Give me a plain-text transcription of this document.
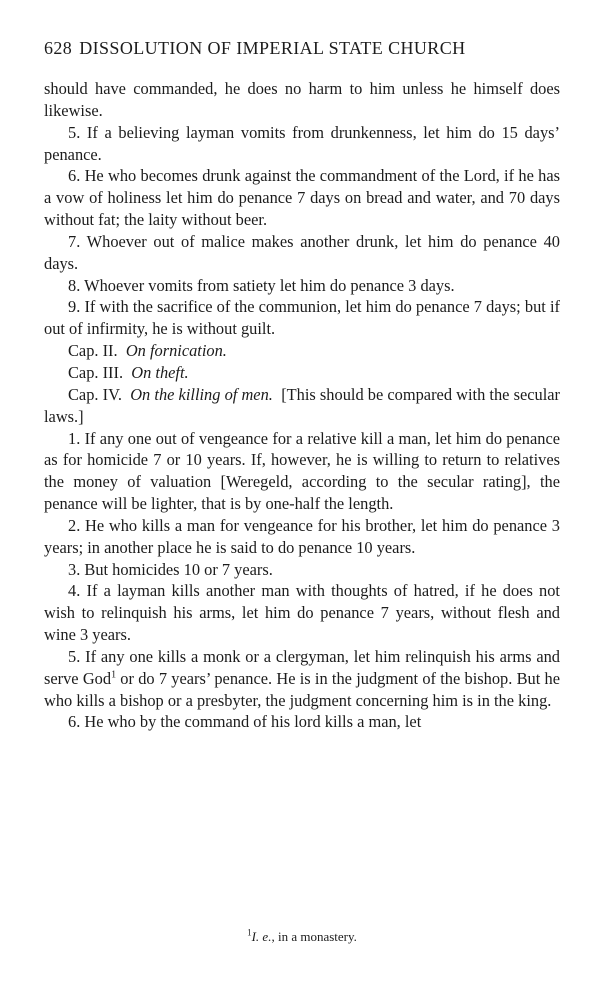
628 DISSOLUTION OF IMPERIAL STATE CHURCH

should have commanded, he does no harm to him unless he himself does likewise.

5. If a believing layman vomits from drunkenness, let him do 15 days’ penance.

6. He who becomes drunk against the commandment of the Lord, if he has a vow of holiness let him do penance 7 days on bread and water, and 70 days without fat; the laity without beer.

7. Whoever out of malice makes another drunk, let him do penance 40 days.

8. Whoever vomits from satiety let him do penance 3 days.

9. If with the sacrifice of the communion, let him do penance 7 days; but if out of infirmity, he is without guilt.

Cap. II. On fornication.

Cap. III. On theft.

Cap. IV. On the killing of men. [This should be compared with the secular laws.]

1. If any one out of vengeance for a relative kill a man, let him do penance as for homicide 7 or 10 years. If, however, he is willing to return to relatives the money of valuation [Weregeld, according to the secular rating], the penance will be lighter, that is by one-half the length.

2. He who kills a man for vengeance for his brother, let him do penance 3 years; in another place he is said to do penance 10 years.

3. But homicides 10 or 7 years.

4. If a layman kills another man with thoughts of hatred, if he does not wish to relinquish his arms, let him do penance 7 years, without flesh and wine 3 years.

5. If any one kills a monk or a clergyman, let him relinquish his arms and serve God$^1$ or do 7 years’ penance. He is in the judgment of the bishop. But he who kills a bishop or a presbyter, the judgment concerning him is in the king.

6. He who by the command of his lord kills a man, let

$^1$I. e., in a monastery.
